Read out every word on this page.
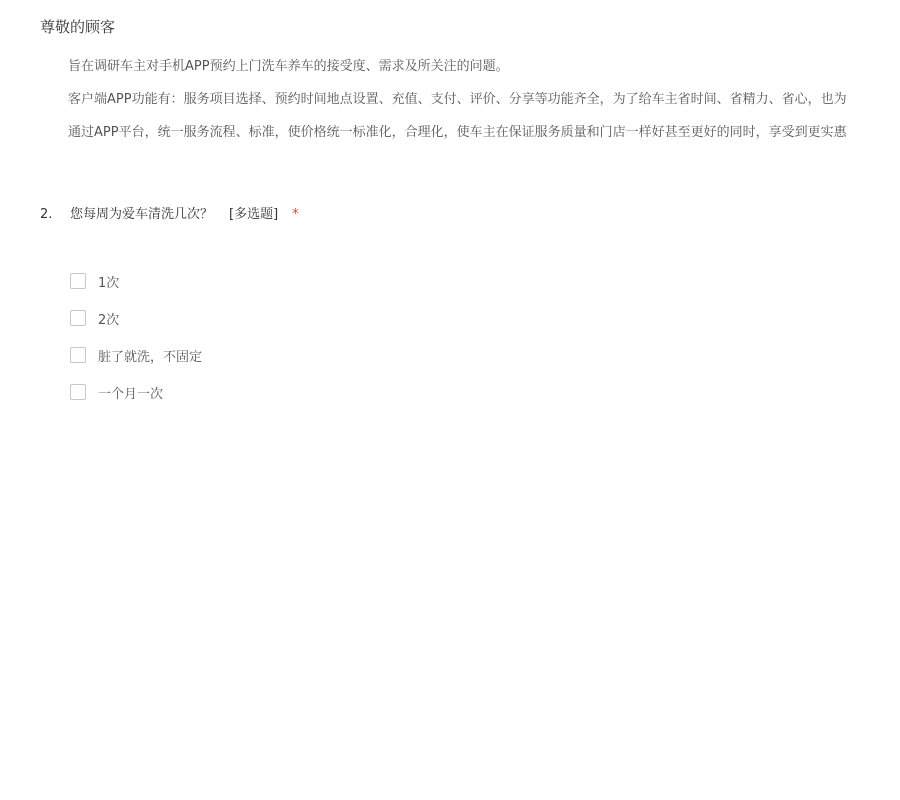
尊敬的顾客

旨在调研车主对手机APP预约上门洗车养车的接受度、需求及所关注的问题。

客户端APP功能有：服务项目选择、预约时间地点设置、充值、支付、评价、分享等功能齐全，为了给车主省时间、省精力、省心，也为

通过APP平台，统一服务流程、标准，使价格统一标准化，合理化，使车主在保证服务质量和门店一样好甚至更好的同时，享受到更实惠

2. 您每周为爱车清洗几次？ [多选题] *
1次
2次
脏了就洗，不固定
一个月一次
